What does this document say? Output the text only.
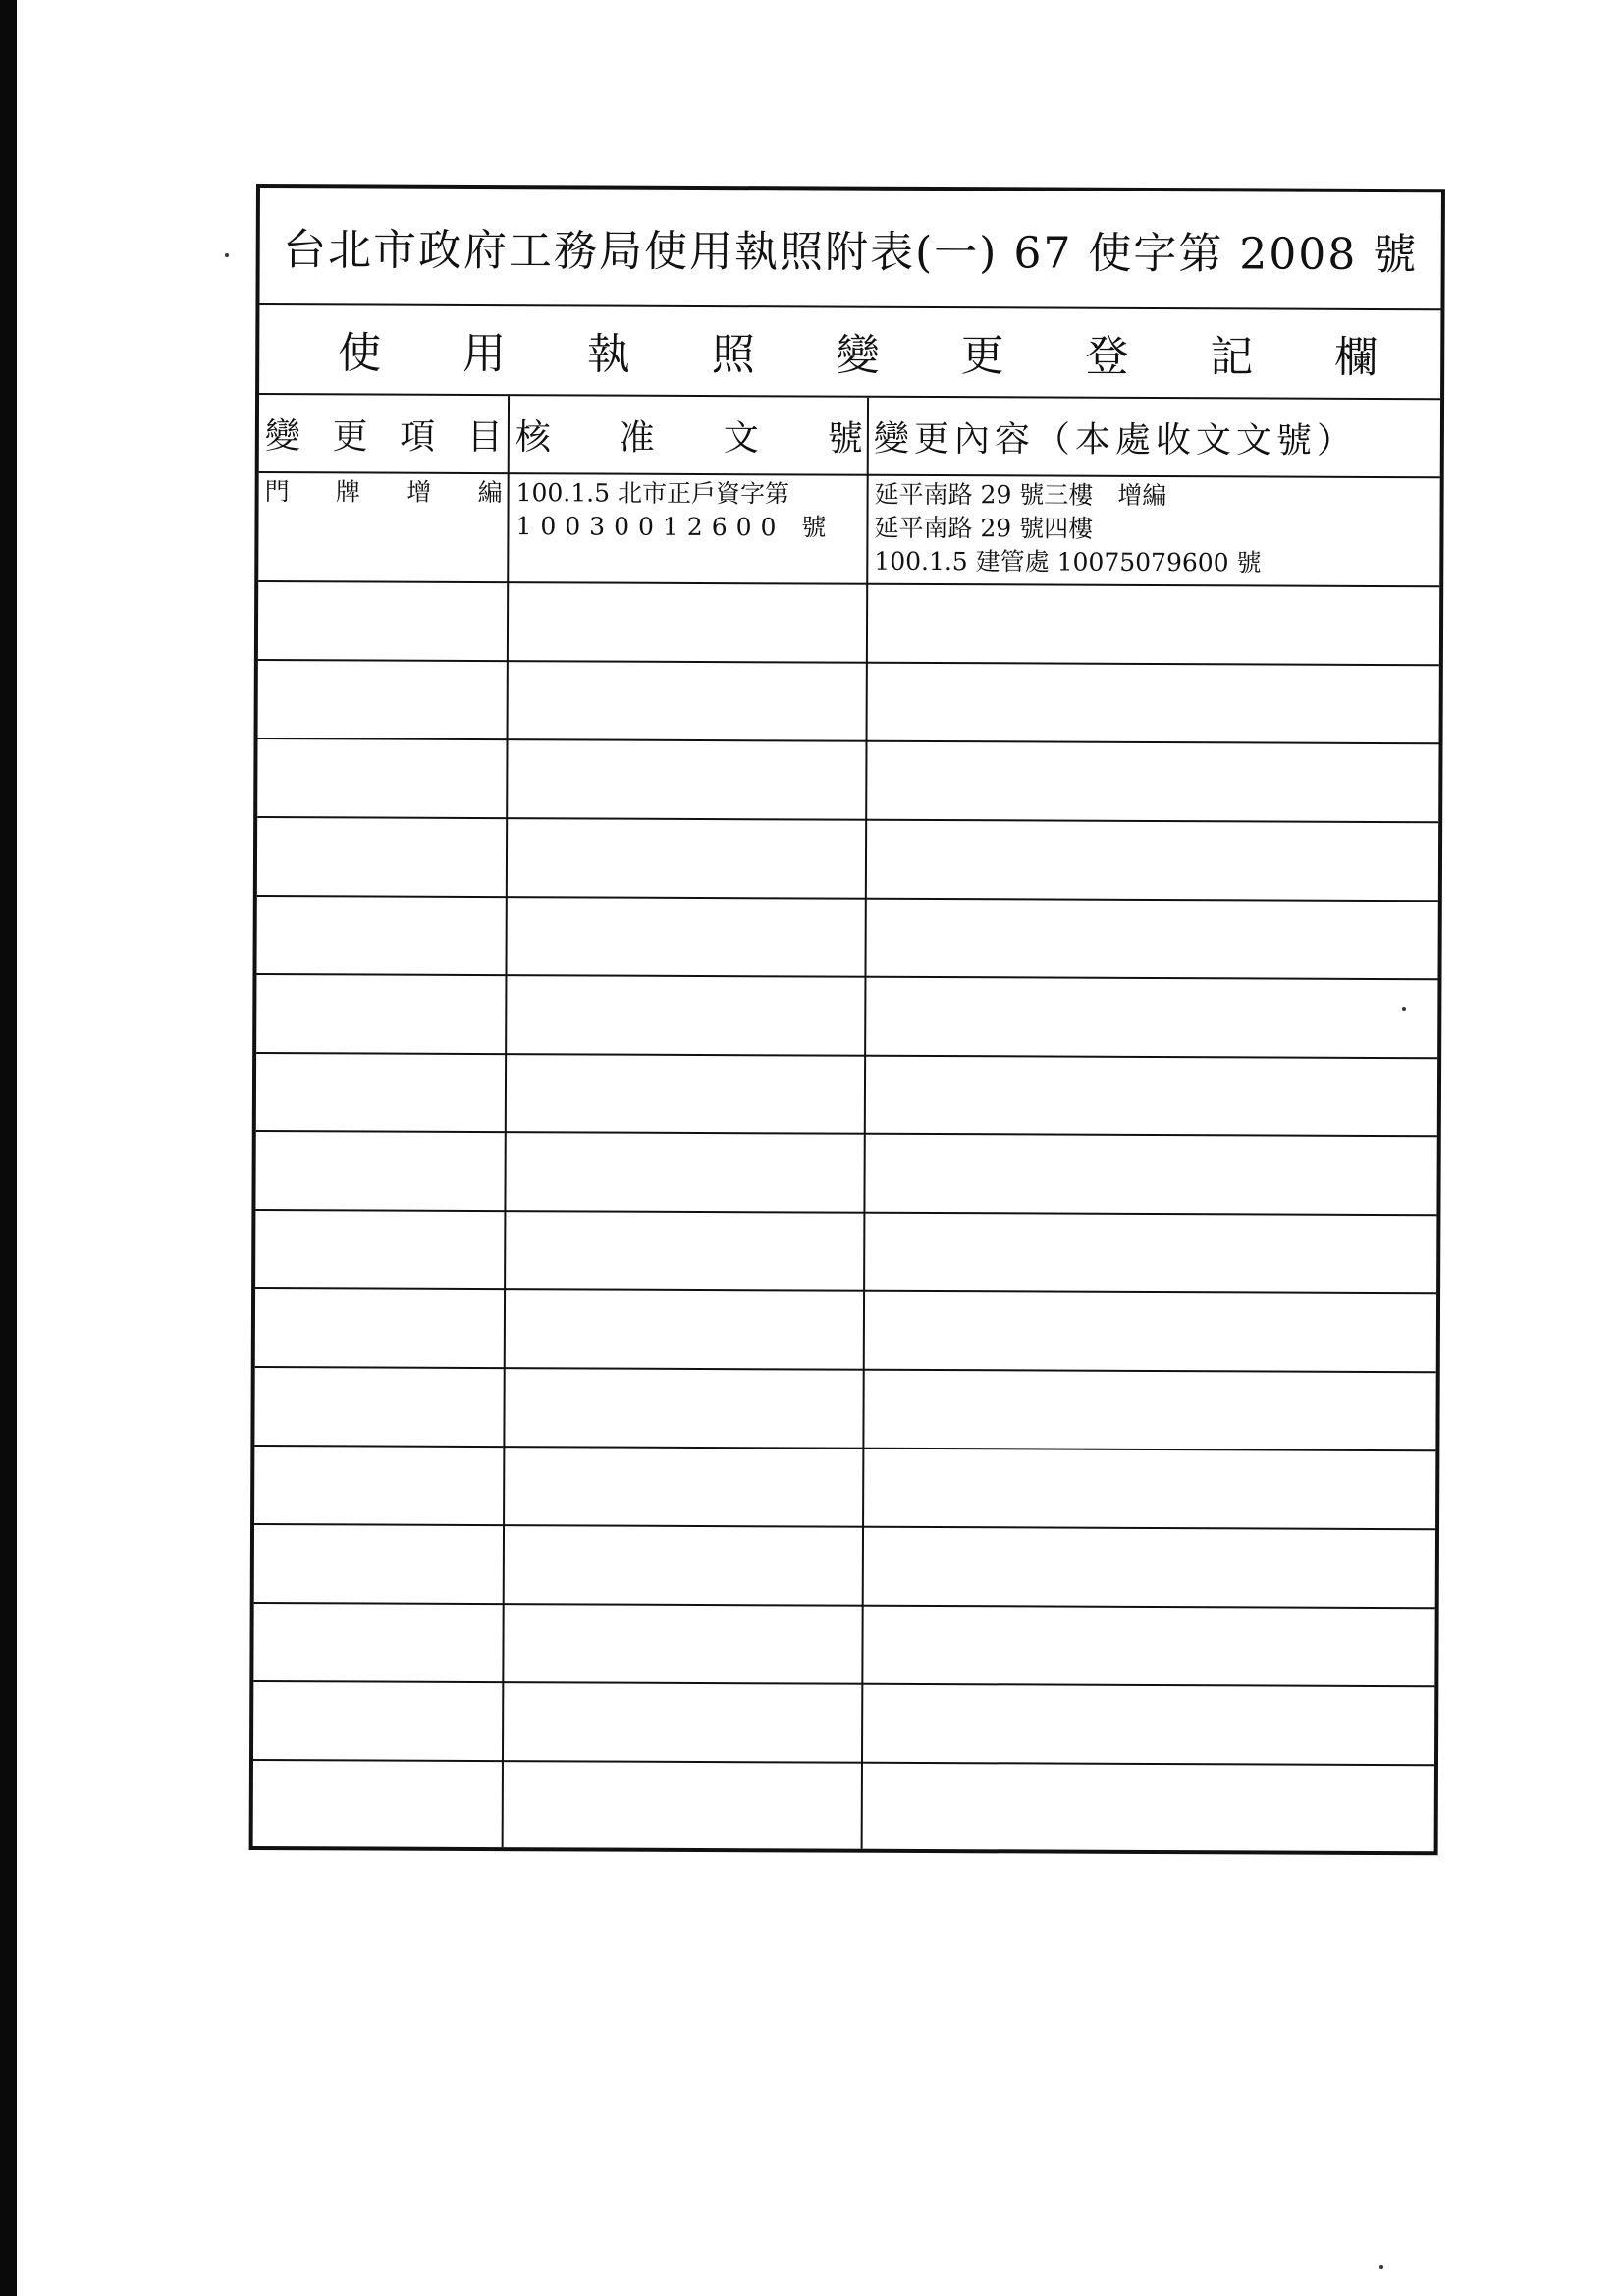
台北市政府工務局使用執照附表(一) 67 使字第 2008 號
使 用 執 照 變 更 登 記 欄
變 更 項 目 核 准 文 號 變更內容（本處收文文號）
門 牌 增 編 100.1.5 北市正戶資字第
10030012600 號
延平南路 29 號三樓　增編
延平南路 29 號四樓
100.1.5 建管處 10075079600 號
